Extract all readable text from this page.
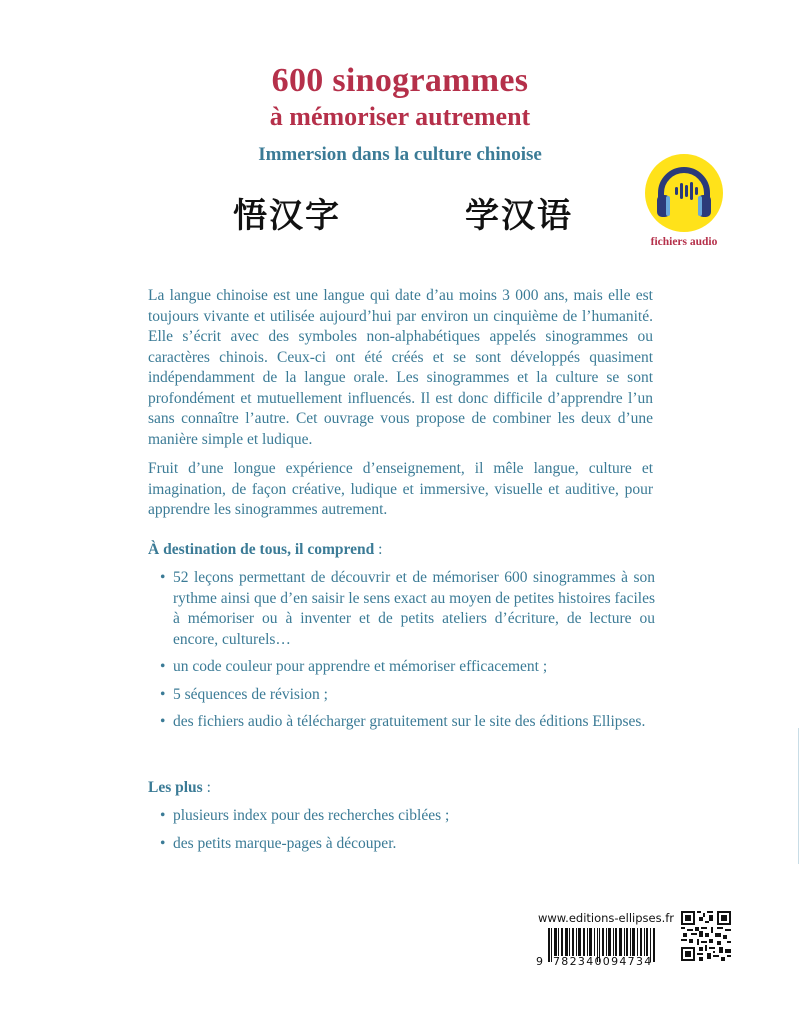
600 sinogrammes
à mémoriser autrement
Immersion dans la culture chinoise
悟汉字	学汉语
fichiers audio

La langue chinoise est une langue qui date d’au moins 3 000 ans, mais elle est toujours vivante et utilisée aujourd’hui par environ un cinquième de l’humanité. Elle s’écrit avec des symboles non-alphabétiques appelés sinogrammes ou caractères chinois. Ceux-ci ont été créés et se sont développés quasiment indépendamment de la langue orale. Les sinogrammes et la culture se sont profondément et mutuellement influencés. Il est donc difficile d’apprendre l’un sans connaître l’autre. Cet ouvrage vous propose de combiner les deux d’une manière simple et ludique.

Fruit d’une longue expérience d’enseignement, il mêle langue, culture et imagination, de façon créative, ludique et immersive, visuelle et auditive, pour apprendre les sinogrammes autrement.

À destination de tous, il comprend :
• 52 leçons permettant de découvrir et de mémoriser 600 sinogrammes à son rythme ainsi que d’en saisir le sens exact au moyen de petites histoires faciles à mémoriser ou à inventer et de petits ateliers d’écriture, de lecture ou encore, culturels…
• un code couleur pour apprendre et mémoriser efficacement ;
• 5 séquences de révision ;
• des fichiers audio à télécharger gratuitement sur le site des éditions Ellipses.
Les plus :
• plusieurs index pour des recherches ciblées ;
• des petits marque-pages à découper.
www.editions-ellipses.fr
9 782340094734
